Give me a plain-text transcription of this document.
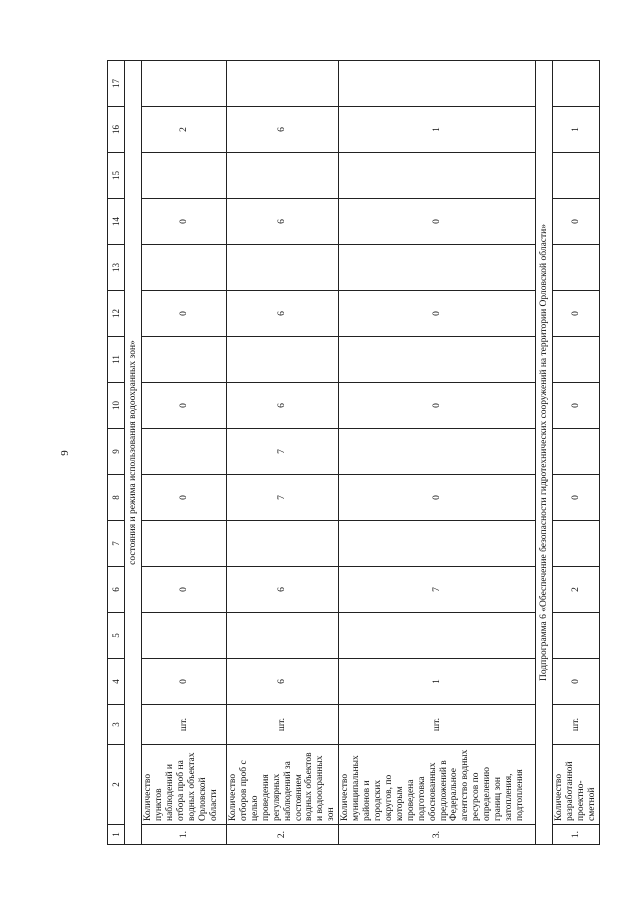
9
1	2	3	4	5	6	7	8	9	10	11	12	13	14	15	16	17
состояния и режима использования водоохранных зон»																
1.	Количество пунктов наблюдений и отбора проб на водных объектах Орловской области	шт.	0		0		0		0		0		0		2	
2.	Количество отборов проб с целью проведения регулярных наблюдений за состоянием водных объектов и водоохранных зон	шт.	6		6		7	7	6		6		6		6	
3.	Количество муниципальных районов и городских округов, по которым проведена подготовка обоснованных предложений в Федеральное агентство водных ресурсов по определению границ зон затопления, подтопления	шт.	1		7		0		0		0		0		1	
Подпрограмма 6 «Обеспечение безопасности гидротехнических сооружений на территории Орловской области»																
1.	Количество разработанной проектно-сметной	шт.	0		2		0		0		0		0		1	
